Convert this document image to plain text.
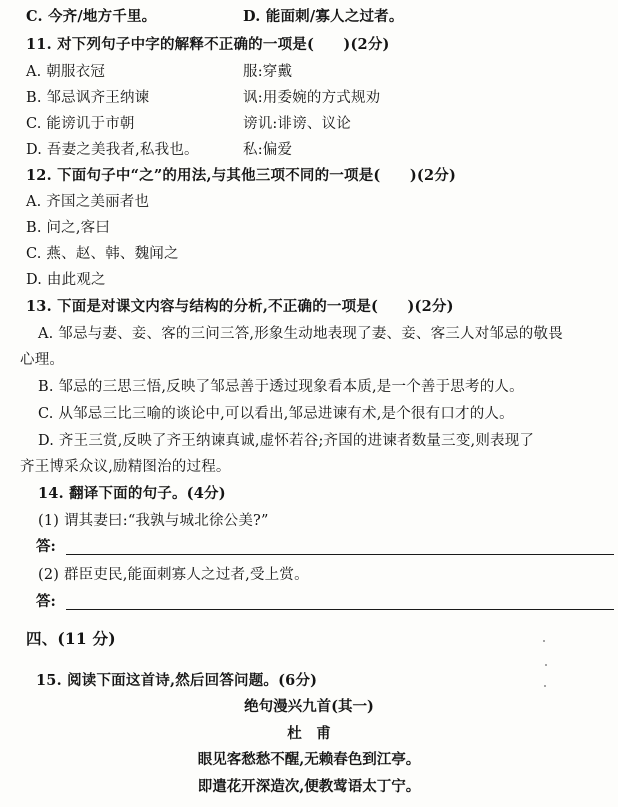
C. 今齐/地方千里。	D. 能面刺/寡人之过者。
11. 对下列句子中字的解释不正确的一项是(　　)(2分)
A. 朝服衣冠	服:穿戴
B. 邹忌讽齐王纳谏	讽:用委婉的方式规劝
C. 能谤讥于市朝	谤讥:诽谤、议论
D. 吾妻之美我者,私我也。	私:偏爱
12. 下面句子中“之”的用法,与其他三项不同的一项是(　　)(2分)
A. 齐国之美丽者也
B. 问之,客曰
C. 燕、赵、韩、魏闻之
D. 由此观之
13. 下面是对课文内容与结构的分析,不正确的一项是(　　)(2分)
A. 邹忌与妻、妾、客的三问三答,形象生动地表现了妻、妾、客三人对邹忌的敬畏
心理。
B. 邹忌的三思三悟,反映了邹忌善于透过现象看本质,是一个善于思考的人。
C. 从邹忌三比三喻的谈论中,可以看出,邹忌进谏有术,是个很有口才的人。
D. 齐王三赏,反映了齐王纳谏真诚,虚怀若谷;齐国的进谏者数量三变,则表现了
齐王博采众议,励精图治的过程。
14. 翻译下面的句子。(4分)
(1) 谓其妻曰:“我孰与城北徐公美?”
答:
(2) 群臣吏民,能面刺寡人之过者,受上赏。
答:
四、(11 分)
15. 阅读下面这首诗,然后回答问题。(6分)
绝句漫兴九首(其一)
杜　甫
眼见客愁愁不醒,无赖春色到江亭。
即遣花开深造次,便教莺语太丁宁。
